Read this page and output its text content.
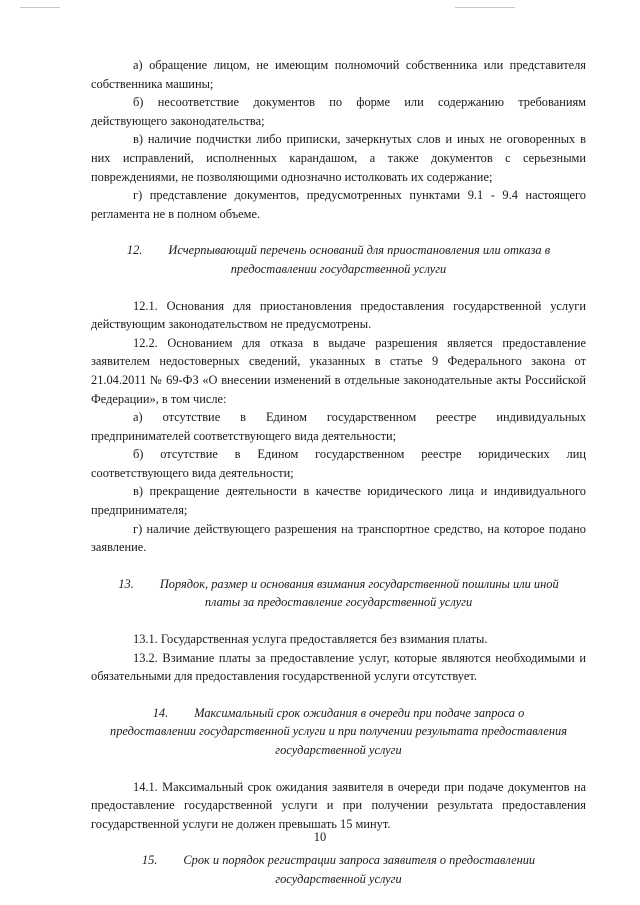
а) обращение лицом, не имеющим полномочий собственника или представителя собственника машины;

б) несоответствие документов по форме или содержанию требованиям действующего законодательства;

в) наличие подчистки либо приписки, зачеркнутых слов и иных не оговоренных в них исправлений, исполненных карандашом, а также документов с серьезными повреждениями, не позволяющими однозначно истолковать их содержание;

г) представление документов, предусмотренных пунктами 9.1 - 9.4 настоящего регламента не в полном объеме.

12. Исчерпывающий перечень оснований для приостановления или отказа в предоставлении государственной услуги

12.1. Основания для приостановления предоставления государственной услуги действующим законодательством не предусмотрены.

12.2. Основанием для отказа в выдаче разрешения является предоставление заявителем недостоверных сведений, указанных в статье 9 Федерального закона от 21.04.2011 № 69-ФЗ «О внесении изменений в отдельные законодательные акты Российской Федерации», в том числе:

а) отсутствие в Едином государственном реестре индивидуальных предпринимателей соответствующего вида деятельности;

б) отсутствие в Едином государственном реестре юридических лиц соответствующего вида деятельности;

в) прекращение деятельности в качестве юридического лица и индивидуального предпринимателя;

г) наличие действующего разрешения на транспортное средство, на которое подано заявление.

13. Порядок, размер и основания взимания государственной пошлины или иной платы за предоставление государственной услуги

13.1. Государственная услуга предоставляется без взимания платы.

13.2. Взимание платы за предоставление услуг, которые являются необходимыми и обязательными для предоставления государственной услуги отсутствует.

14. Максимальный срок ожидания в очереди при подаче запроса о предоставлении государственной услуги и при получении результата предоставления государственной услуги

14.1. Максимальный срок ожидания заявителя в очереди при подаче документов на предоставление государственной услуги и при получении результата предоставления государственной услуги не должен превышать 15 минут.

15. Срок и порядок регистрации запроса заявителя о предоставлении государственной услуги
10
